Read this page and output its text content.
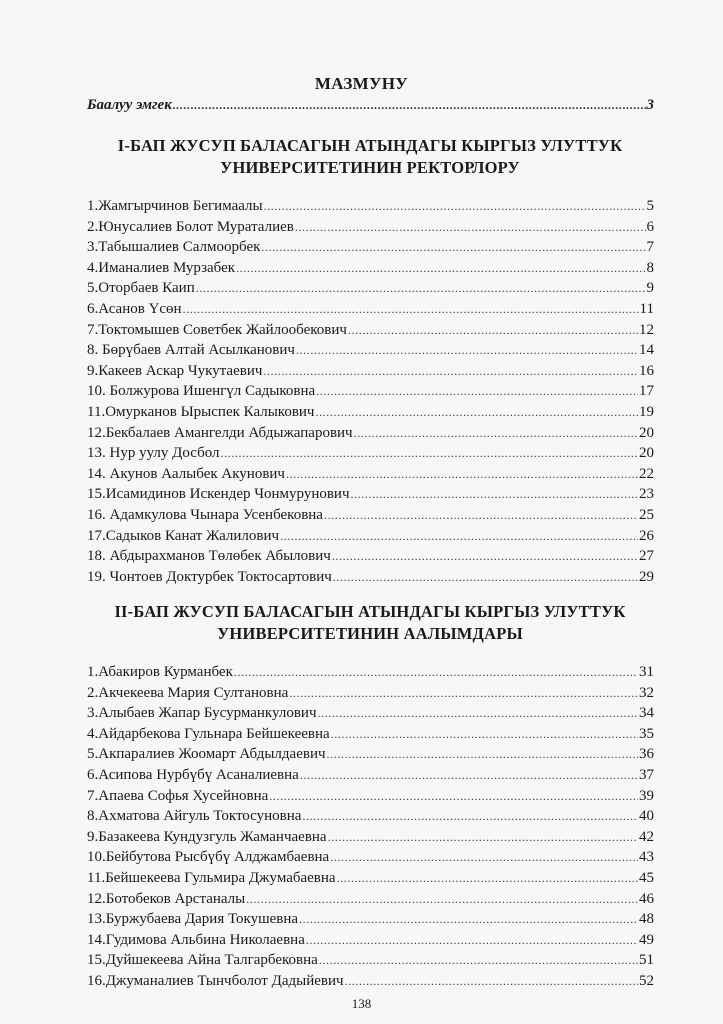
МАЗМУНУ
Баалуу эмгек .....	3
I-БАП ЖУСУП БАЛАСАГЫН АТЫНДАГЫ КЫРГЫЗ УЛУТТУК
УНИВЕРСИТЕТИНИН РЕКТОРЛОРУ
1.Жамгырчинов Бегимаалы .....	5
2.Юнусалиев Болот Мураталиев .....	6
3.Табышалиев Салмоорбек .....	7
4.Иманалиев Мурзабек .....	8
5.Оторбаев Каип .....	9
6.Асанов Үсөн .....	11
7.Токтомышев Советбек Жайлообекович .....	12
8. Бөрүбаев Алтай Асылканович .....	14
9.Какеев Аскар Чукутаевич .....	16
10. Болжурова Ишенгүл Садыковна .....	17
11.Омурканов Ырыспек Калыкович .....	19
12.Бекбалаев Амангелди Абдыжапарович .....	20
13. Нур уулу Досбол .....	20
14. Акунов Аалыбек Акунович .....	22
15.Исамидинов Искендер Чонмурунович .....	23
16. Адамкулова Чынара Усенбековна .....	25
17.Садыков Канат Жалилович .....	26
18. Абдырахманов Төлөбек Абылович .....	27
19. Чонтоев Доктурбек Токтосартович .....	29
II-БАП ЖУСУП БАЛАСАГЫН АТЫНДАГЫ КЫРГЫЗ УЛУТТУК
УНИВЕРСИТЕТИНИН ААЛЫМДАРЫ
1.Абакиров Курманбек .....	31
2.Акчекеева Мария Султановна .....	32
3.Алыбаев Жапар Бусурманкулович .....	34
4.Айдарбекова Гульнара Бейшекеевна .....	35
5.Акпаралиев Жоомарт Абдылдаевич .....	36
6.Асипова Нурбүбү Асаналиевна .....	37
7.Апаева Софья Хусейновна .....	39
8.Ахматова Айгуль Токтосуновна .....	40
9.Базакеева Кундузгуль Жаманчаевна .....	42
10.Бейбутова Рысбүбү Алджамбаевна .....	43
11.Бейшекеева Гульмира Джумабаевна .....	45
12.Ботобеков Арстаналы .....	46
13.Буржубаева Дария Токушевна .....	48
14.Гудимова Альбина Николаевна .....	49
15.Дуйшекеева Айна Талгарбековна .....	51
16.Джуманалиев Тынчболот Дадыйевич .....	52
138
